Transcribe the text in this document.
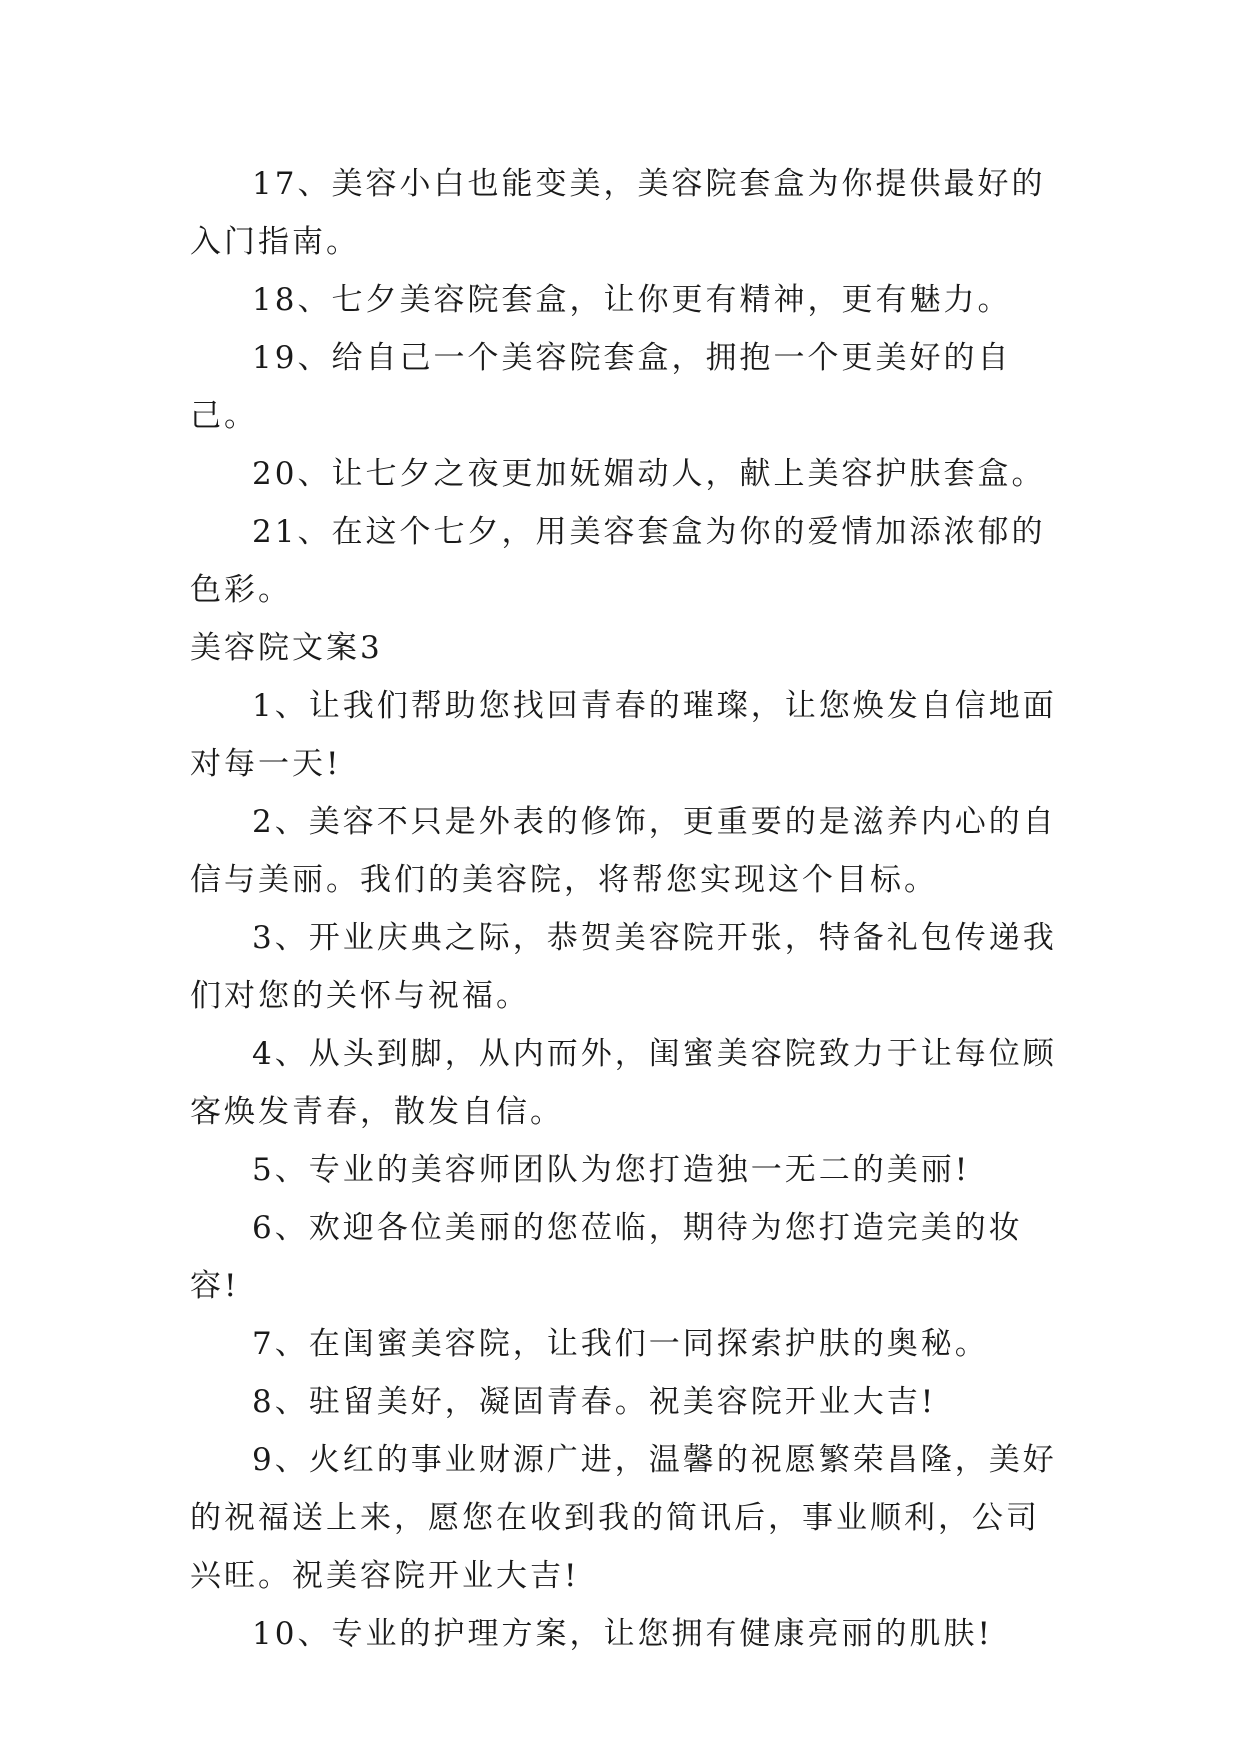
17、美容小白也能变美，美容院套盒为你提供最好的入门指南。

18、七夕美容院套盒，让你更有精神，更有魅力。

19、给自己一个美容院套盒，拥抱一个更美好的自己。

20、让七夕之夜更加妩媚动人，献上美容护肤套盒。

21、在这个七夕，用美容套盒为你的爱情加添浓郁的色彩。

美容院文案3

1、让我们帮助您找回青春的璀璨，让您焕发自信地面对每一天!

2、美容不只是外表的修饰，更重要的是滋养内心的自信与美丽。我们的美容院，将帮您实现这个目标。

3、开业庆典之际，恭贺美容院开张，特备礼包传递我们对您的关怀与祝福。

4、从头到脚，从内而外，闺蜜美容院致力于让每位顾客焕发青春，散发自信。

5、专业的美容师团队为您打造独一无二的美丽!

6、欢迎各位美丽的您莅临，期待为您打造完美的妆容!

7、在闺蜜美容院，让我们一同探索护肤的奥秘。

8、驻留美好，凝固青春。祝美容院开业大吉!

9、火红的事业财源广进，温馨的祝愿繁荣昌隆，美好的祝福送上来，愿您在收到我的简讯后，事业顺利，公司兴旺。祝美容院开业大吉!

10、专业的护理方案，让您拥有健康亮丽的肌肤!
